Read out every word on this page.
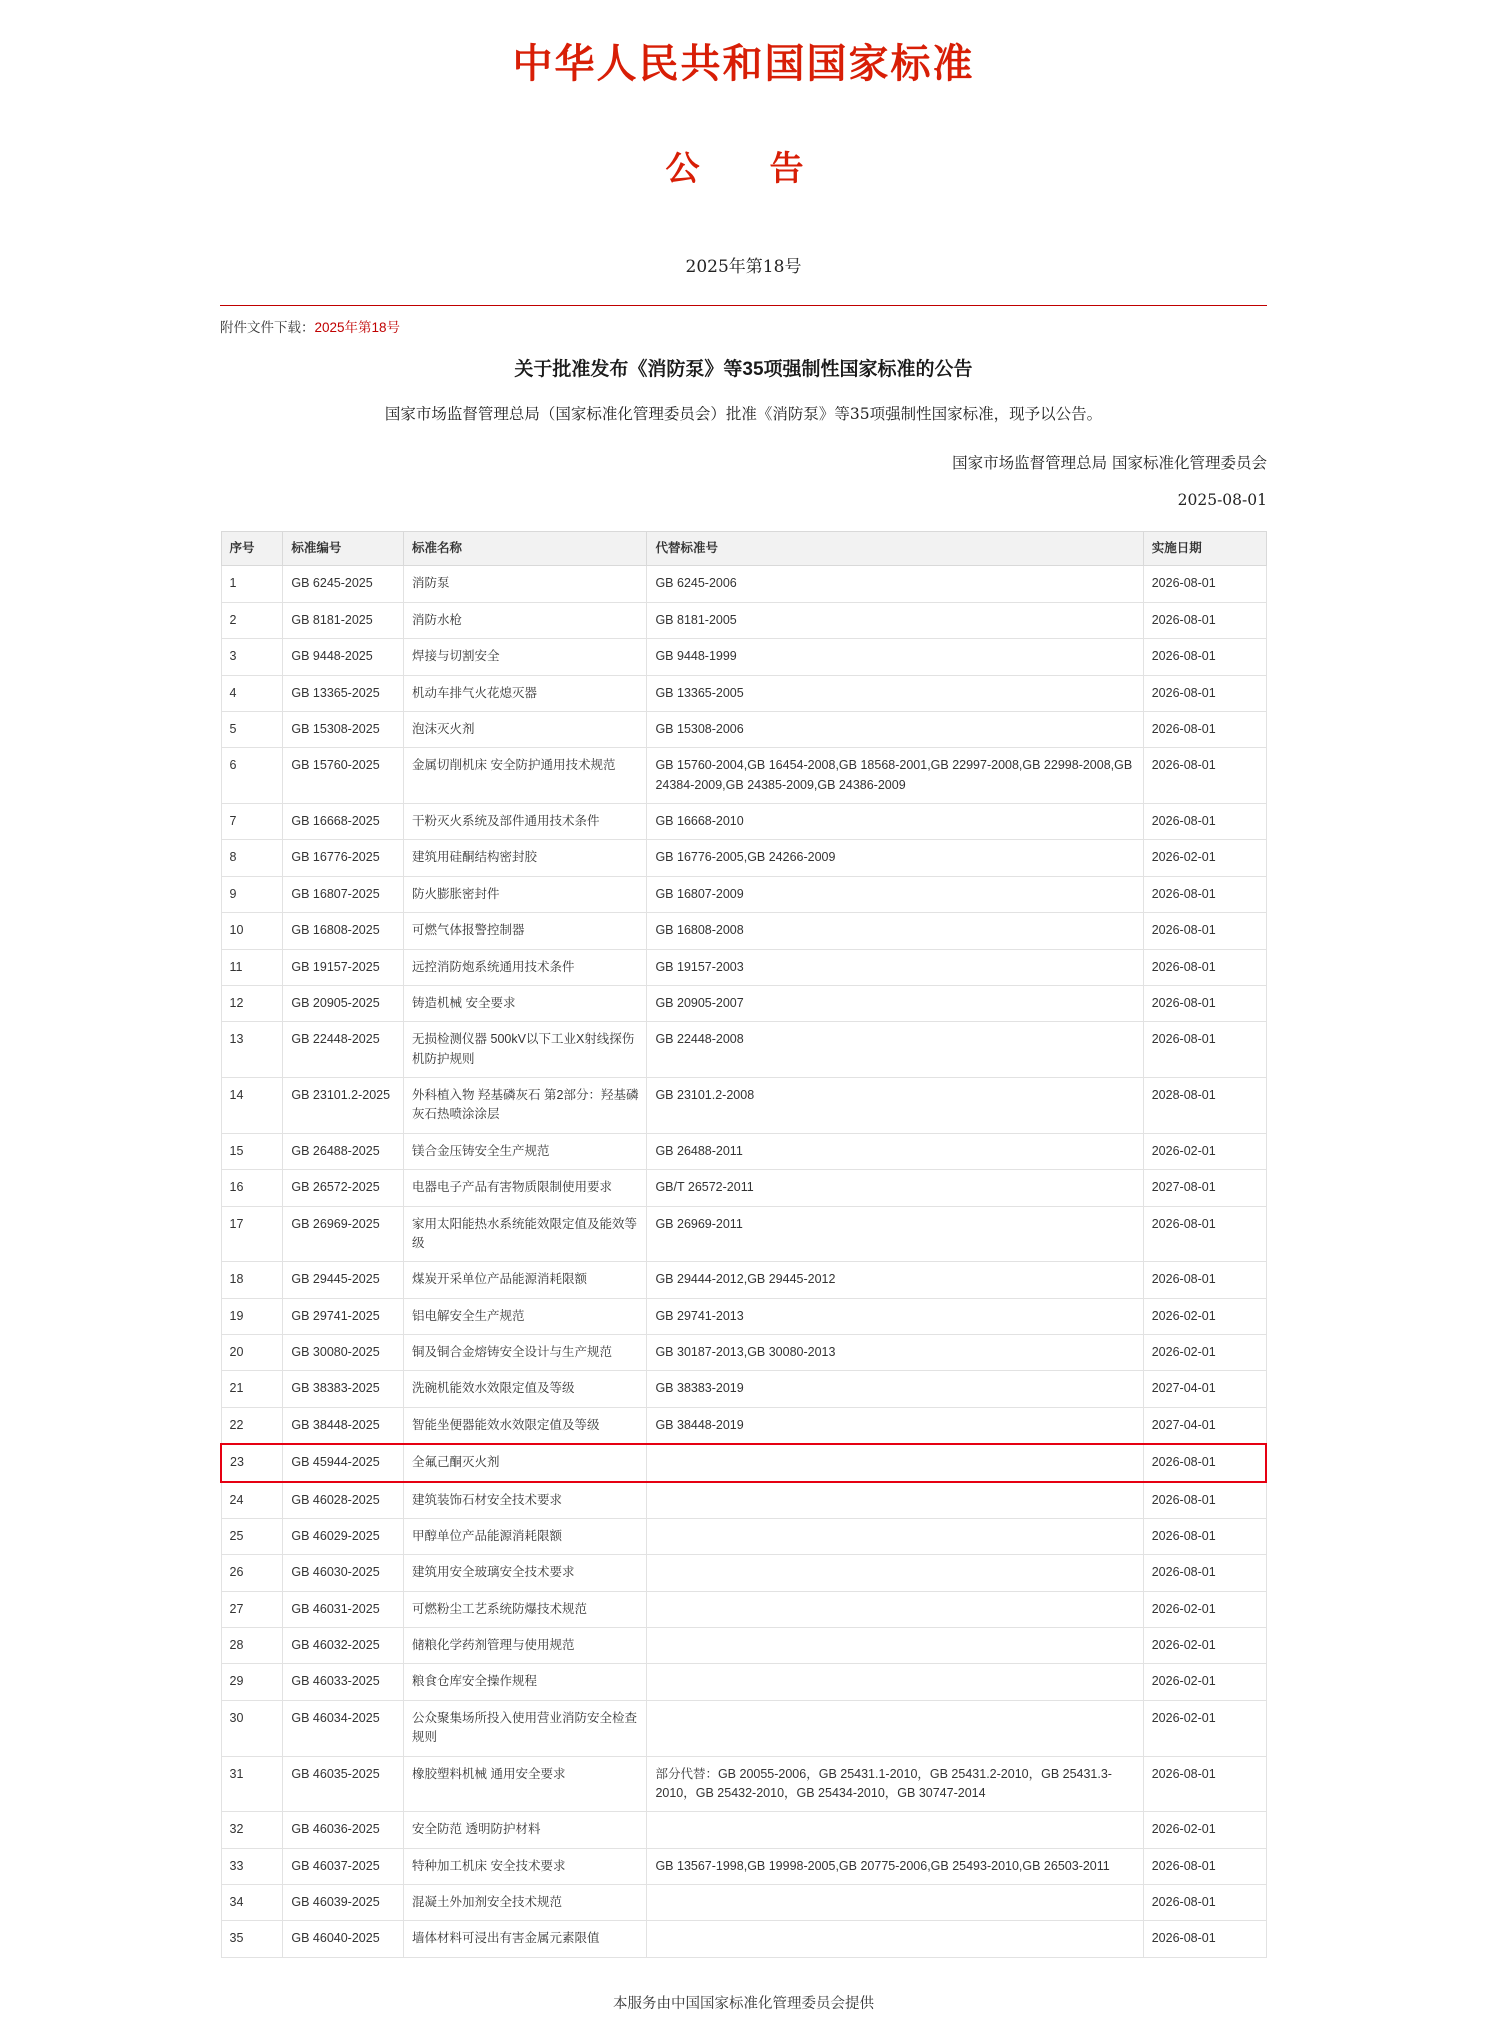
中华人民共和国国家标准
公　告
2025年第18号
附件文件下载：2025年第18号
关于批准发布《消防泵》等35项强制性国家标准的公告
国家市场监督管理总局（国家标准化管理委员会）批准《消防泵》等35项强制性国家标准，现予以公告。
国家市场监督管理总局 国家标准化管理委员会
2025-08-01
序号	标准编号	标准名称	代替标准号	实施日期
1	GB 6245-2025	消防泵	GB 6245-2006	2026-08-01
2	GB 8181-2025	消防水枪	GB 8181-2005	2026-08-01
3	GB 9448-2025	焊接与切割安全	GB 9448-1999	2026-08-01
4	GB 13365-2025	机动车排气火花熄灭器	GB 13365-2005	2026-08-01
5	GB 15308-2025	泡沫灭火剂	GB 15308-2006	2026-08-01
6	GB 15760-2025	金属切削机床 安全防护通用技术规范	GB 15760-2004,GB 16454-2008,GB 18568-2001,GB 22997-2008,GB 22998-2008,GB 24384-2009,GB 24385-2009,GB 24386-2009	2026-08-01
7	GB 16668-2025	干粉灭火系统及部件通用技术条件	GB 16668-2010	2026-08-01
8	GB 16776-2025	建筑用硅酮结构密封胶	GB 16776-2005,GB 24266-2009	2026-02-01
9	GB 16807-2025	防火膨胀密封件	GB 16807-2009	2026-08-01
10	GB 16808-2025	可燃气体报警控制器	GB 16808-2008	2026-08-01
11	GB 19157-2025	远控消防炮系统通用技术条件	GB 19157-2003	2026-08-01
12	GB 20905-2025	铸造机械 安全要求	GB 20905-2007	2026-08-01
13	GB 22448-2025	无损检测仪器 500kV以下工业X射线探伤机防护规则	GB 22448-2008	2026-08-01
14	GB 23101.2-2025	外科植入物 羟基磷灰石 第2部分：羟基磷灰石热喷涂涂层	GB 23101.2-2008	2028-08-01
15	GB 26488-2025	镁合金压铸安全生产规范	GB 26488-2011	2026-02-01
16	GB 26572-2025	电器电子产品有害物质限制使用要求	GB/T 26572-2011	2027-08-01
17	GB 26969-2025	家用太阳能热水系统能效限定值及能效等级	GB 26969-2011	2026-08-01
18	GB 29445-2025	煤炭开采单位产品能源消耗限额	GB 29444-2012,GB 29445-2012	2026-08-01
19	GB 29741-2025	铝电解安全生产规范	GB 29741-2013	2026-02-01
20	GB 30080-2025	铜及铜合金熔铸安全设计与生产规范	GB 30187-2013,GB 30080-2013	2026-02-01
21	GB 38383-2025	洗碗机能效水效限定值及等级	GB 38383-2019	2027-04-01
22	GB 38448-2025	智能坐便器能效水效限定值及等级	GB 38448-2019	2027-04-01
23	GB 45944-2025	全氟己酮灭火剂		2026-08-01
24	GB 46028-2025	建筑装饰石材安全技术要求		2026-08-01
25	GB 46029-2025	甲醇单位产品能源消耗限额		2026-08-01
26	GB 46030-2025	建筑用安全玻璃安全技术要求		2026-08-01
27	GB 46031-2025	可燃粉尘工艺系统防爆技术规范		2026-02-01
28	GB 46032-2025	储粮化学药剂管理与使用规范		2026-02-01
29	GB 46033-2025	粮食仓库安全操作规程		2026-02-01
30	GB 46034-2025	公众聚集场所投入使用营业消防安全检查规则		2026-02-01
31	GB 46035-2025	橡胶塑料机械 通用安全要求	部分代替：GB 20055-2006，GB 25431.1-2010，GB 25431.2-2010，GB 25431.3-2010，GB 25432-2010，GB 25434-2010，GB 30747-2014	2026-08-01
32	GB 46036-2025	安全防范 透明防护材料		2026-02-01
33	GB 46037-2025	特种加工机床 安全技术要求	GB 13567-1998,GB 19998-2005,GB 20775-2006,GB 25493-2010,GB 26503-2011	2026-08-01
34	GB 46039-2025	混凝土外加剂安全技术规范		2026-08-01
35	GB 46040-2025	墙体材料可浸出有害金属元素限值		2026-08-01
本服务由中国国家标准化管理委员会提供
